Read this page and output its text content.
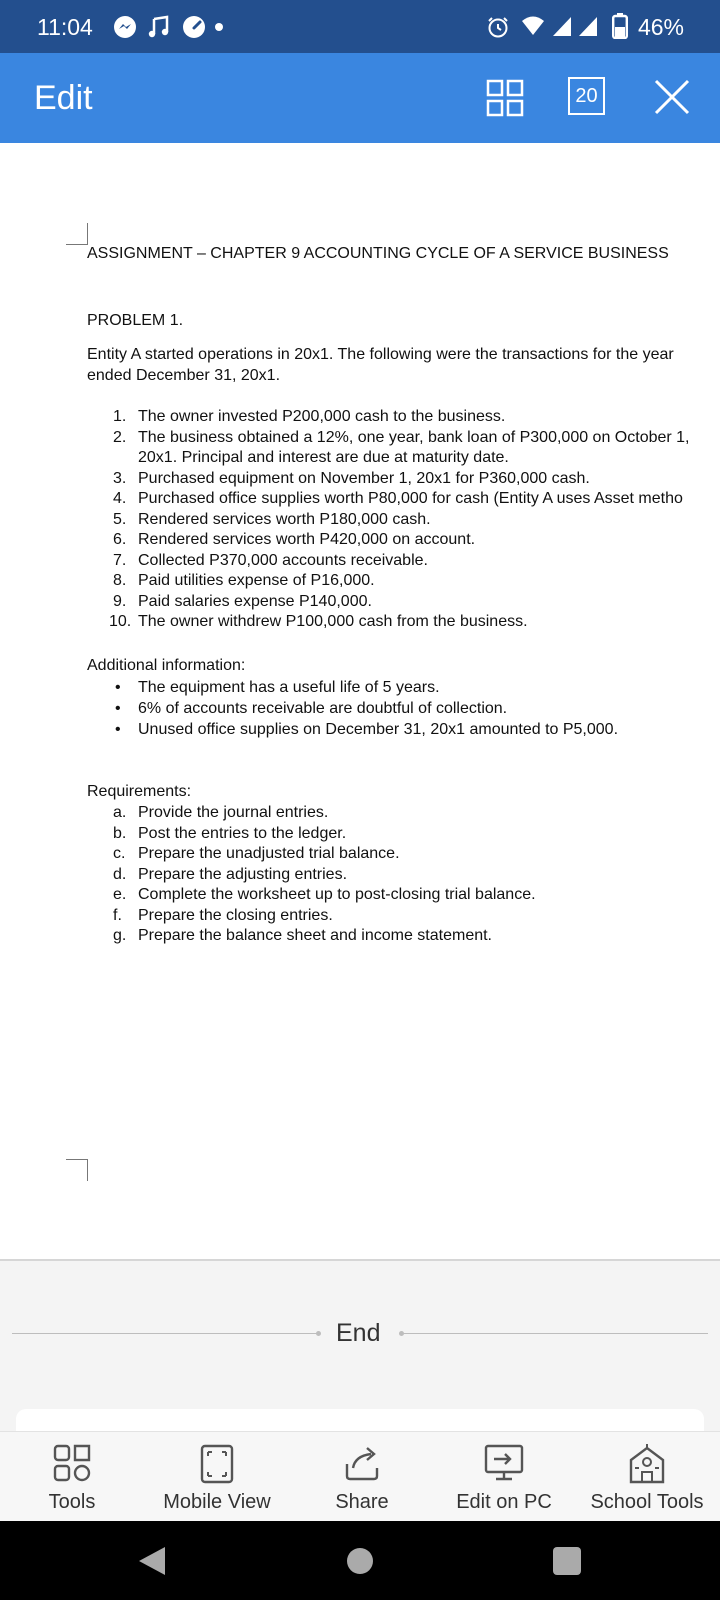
11:04	46%
Edit	20
ASSIGNMENT – CHAPTER 9 ACCOUNTING CYCLE OF A SERVICE BUSINESS
PROBLEM 1.
Entity A started operations in 20x1. The following were the transactions for the year
ended December 31, 20x1.
1. The owner invested P200,000 cash to the business.
2. The business obtained a 12%, one year, bank loan of P300,000 on October 1,
20x1. Principal and interest are due at maturity date.
3. Purchased equipment on November 1, 20x1 for P360,000 cash.
4. Purchased office supplies worth P80,000 for cash (Entity A uses Asset metho
5. Rendered services worth P180,000 cash.
6. Rendered services worth P420,000 on account.
7. Collected P370,000 accounts receivable.
8. Paid utilities expense of P16,000.
9. Paid salaries expense P140,000.
10. The owner withdrew P100,000 cash from the business.
Additional information:
• The equipment has a useful life of 5 years.
• 6% of accounts receivable are doubtful of collection.
• Unused office supplies on December 31, 20x1 amounted to P5,000.
Requirements:
a. Provide the journal entries.
b. Post the entries to the ledger.
c. Prepare the unadjusted trial balance.
d. Prepare the adjusting entries.
e. Complete the worksheet up to post-closing trial balance.
f. Prepare the closing entries.
g. Prepare the balance sheet and income statement.
End
Tools	Mobile View	Share	Edit on PC	School Tools
